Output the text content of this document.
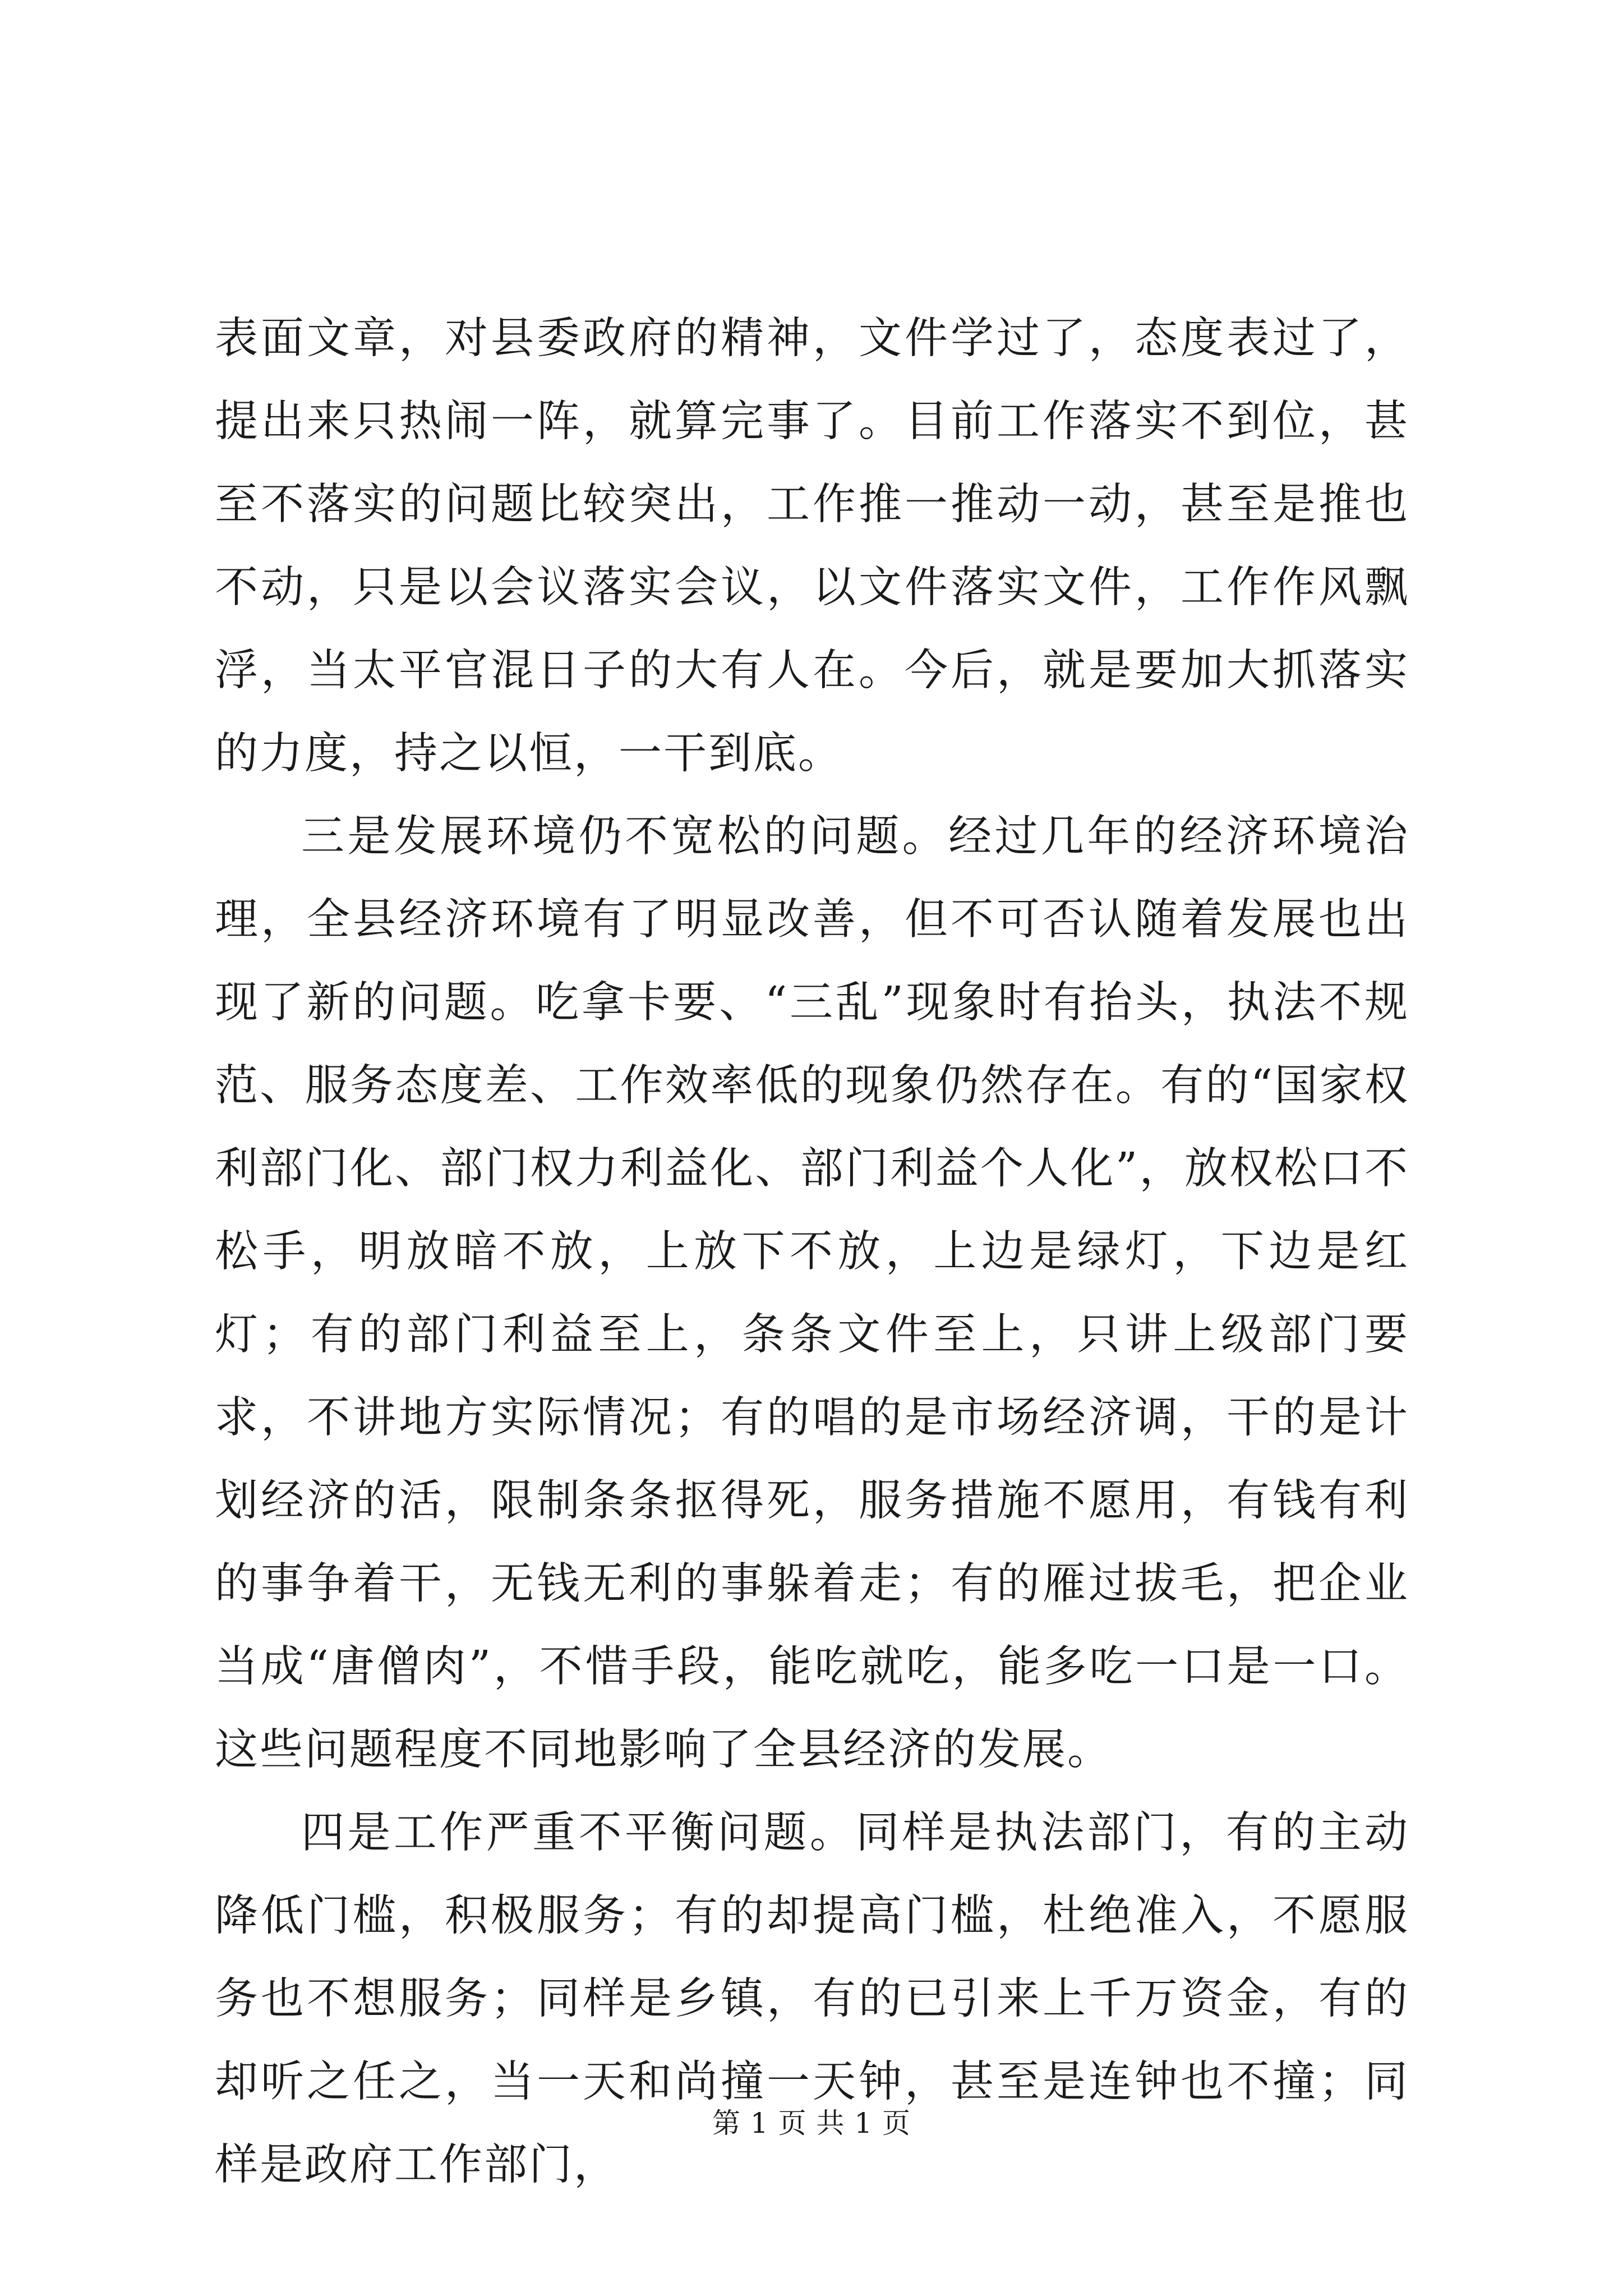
表面文章，对县委政府的精神，文件学过了，态度表过了，提出来只热闹一阵，就算完事了。目前工作落实不到位，甚至不落实的问题比较突出，工作推一推动一动，甚至是推也不动，只是以会议落实会议，以文件落实文件，工作作风飘浮，当太平官混日子的大有人在。今后，就是要加大抓落实的力度，持之以恒，一干到底。

三是发展环境仍不宽松的问题。经过几年的经济环境治理，全县经济环境有了明显改善，但不可否认随着发展也出现了新的问题。吃拿卡要、“三乱”现象时有抬头，执法不规范、服务态度差、工作效率低的现象仍然存在。有的“国家权利部门化、部门权力利益化、部门利益个人化”，放权松口不松手，明放暗不放，上放下不放，上边是绿灯，下边是红灯；有的部门利益至上，条条文件至上，只讲上级部门要求，不讲地方实际情况；有的唱的是市场经济调，干的是计划经济的活，限制条条抠得死，服务措施不愿用，有钱有利的事争着干，无钱无利的事躲着走；有的雁过拔毛，把企业当成“唐僧肉”，不惜手段，能吃就吃，能多吃一口是一口。这些问题程度不同地影响了全县经济的发展。

四是工作严重不平衡问题。同样是执法部门，有的主动降低门槛，积极服务；有的却提高门槛，杜绝准入，不愿服务也不想服务；同样是乡镇，有的已引来上千万资金，有的却听之任之，当一天和尚撞一天钟，甚至是连钟也不撞；同样是政府工作部门，

第 1 页 共 1 页
